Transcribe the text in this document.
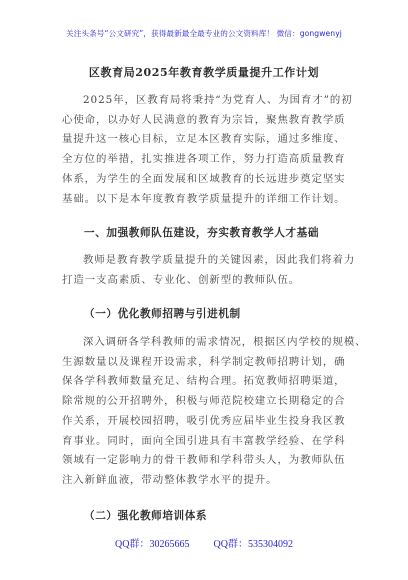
关注头条号“公文研究”，获得最新最全最专业的公文资料库！ 微信：gongwenyj
区教育局2025年教育教学质量提升工作计划
2025年，区教育局将秉持“为党育人、为国育才”的初
心使命，以办好人民满意的教育为宗旨，聚焦教育教学质
量提升这一核心目标，立足本区教育实际，通过多维度、
全方位的举措，扎实推进各项工作，努力打造高质量教育
体系，为学生的全面发展和区域教育的长远进步奠定坚实
基础。以下是本年度教育教学质量提升的详细工作计划。
一、加强教师队伍建设，夯实教育教学人才基础
教师是教育教学质量提升的关键因素，因此我们将着力
打造一支高素质、专业化、创新型的教师队伍。
（一）优化教师招聘与引进机制
深入调研各学科教师的需求情况，根据区内学校的规模、
生源数量以及课程开设需求，科学制定教师招聘计划，确
保各学科教师数量充足、结构合理。拓宽教师招聘渠道，
除常规的公开招聘外，积极与师范院校建立长期稳定的合
作关系，开展校园招聘，吸引优秀应届毕业生投身我区教
育事业。同时，面向全国引进具有丰富教学经验、在学科
领域有一定影响力的骨干教师和学科带头人，为教师队伍
注入新鲜血液，带动整体教学水平的提升。
（二）强化教师培训体系
QQ群：30265665 QQ群：535304092
